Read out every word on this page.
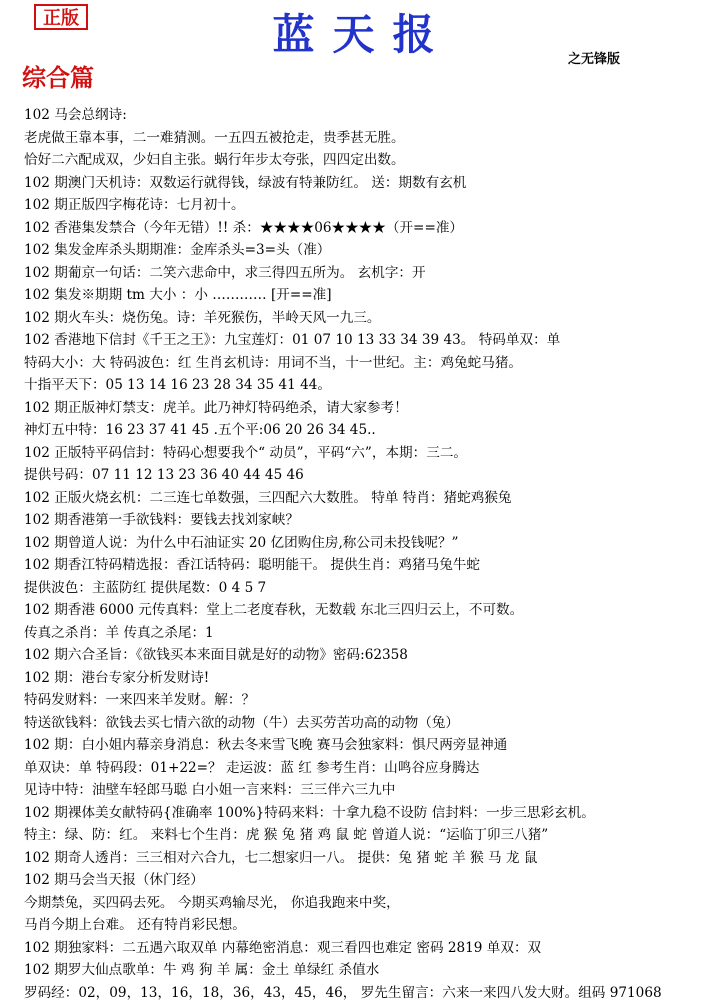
正版	蓝天报
之无锋版
综合篇
102 马会总纲诗:
老虎做王靠本事，二一难猜测。一五四五被抢走，贵季甚无胜。
恰好二六配成双，少妇自主张。蜗行年步太夸张，四四定出数。
102 期澳门天机诗：双数运行就得钱，绿波有特兼防红。 送：期数有玄机
102 期正版四字梅花诗：七月初十。
102 香港集发禁合（今年无错）!! 杀：★★★★06★★★★（开==准）
102 集发金库杀头期期准：金库杀头=3=头（准）
102 期葡京一句话：二笑六悲命中，求三得四五所为。 玄机字：开
102 集发※期期 tm 大小 ：小 ………… [开==准]
102 期火车头：烧伤兔。诗：羊死猴伤，半岭天风一九三。
102 香港地下信封《千王之王》：九宝莲灯：01 07 10 13 33 34 39 43。 特码单双：单
特码大小：大 特码波色：红 生肖玄机诗：用词不当，十一世纪。主：鸡兔蛇马猪。
十指平天下：05 13 14 16 23 28 34 35 41 44。
102 期正版神灯禁支：虎羊。此乃神灯特码绝杀，请大家参考！
神灯五中特：16 23 37 41 45 .五个平:06 20 26 34 45..
102 正版特平码信封：特码心想要我个“ 动员”，平码“六”，本期：三二。
提供号码：07 11 12 13 23 36 40 44 45 46
102 正版火烧玄机：二三连七单数强，三四配六大数胜。 特单 特肖：猪蛇鸡猴兔
102 期香港第一手欲钱料：要钱去找刘家峡？
102 期曾道人说：为什么中石油证实 20 亿团购住房,称公司未投钱呢？”
102 期香江特码精选报：香江话特码：聪明能干。 提供生肖：鸡猪马兔牛蛇
提供波色：主蓝防红 提供尾数：0 4 5 7
102 期香港 6000 元传真料：堂上二老度春秋，无数载 东北三四归云上，不可数。
传真之杀肖：羊 传真之杀尾：1
102 期六合圣旨：《欲钱买本来面目就是好的动物》密码:62358
102 期：港台专家分析发财诗!
特码发财料：一来四来羊发财。解：？
特送欲钱料：欲钱去买七情六欲的动物（牛）去买劳苦功高的动物（兔）
102 期：白小姐内幕亲身消息：秋去冬来雪飞晚 赛马会独家料：惧尺两旁显神通
单双诀：单 特码段：01+22=？ 走运波：蓝 红 参考生肖：山鸣谷应身腾达
见诗中特：油壁车轻郎马聪 白小姐一言来料：三三伴六三九中
102 期裸体美女献特码{准确率 100%}特码来料：十拿九稳不设防 信封料：一步三思彩玄机。
特主：绿、防：红。 来料七个生肖：虎 猴 兔 猪 鸡 鼠 蛇 曾道人说：“运临丁卯三八猪”
102 期奇人透肖：三三相对六合九，七二想家归一八。 提供：兔 猪 蛇 羊 猴 马 龙 鼠
102 期马会当天报（休门经）
今期禁兔，买四码去死。 今期买鸡输尽光， 你追我跑来中奖，
马肖今期上台难。 还有特肖彩民想。
102 期独家料：二五遇六取双单 内幕绝密消息：观三看四也难定 密码 2819 单双：双
102 期罗大仙点歌单：牛 鸡 狗 羊 属：金土 单绿红 杀值水
罗码经：02，09，13，16，18，36，43，45，46， 罗先生留言：六来一来四八发大财。组码 971068
